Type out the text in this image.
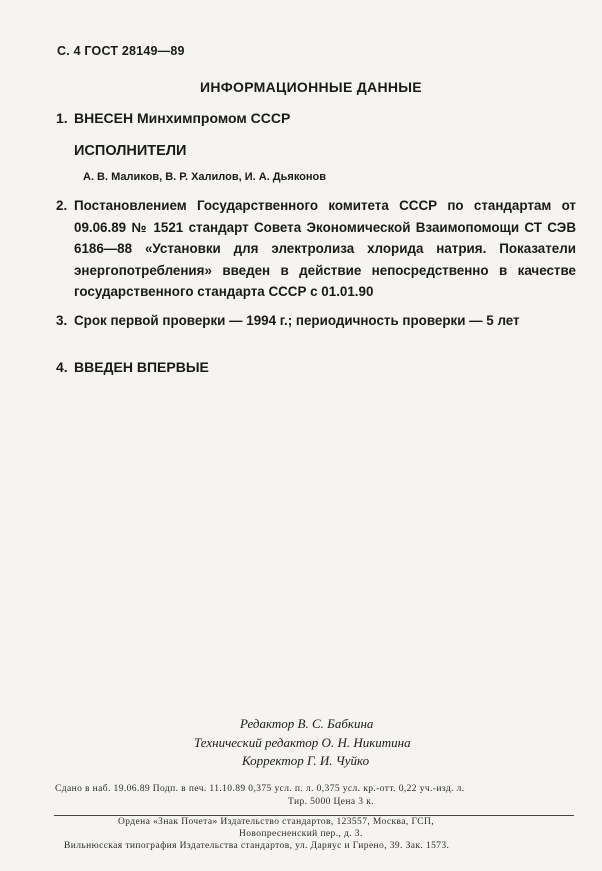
С. 4 ГОСТ 28149—89
ИНФОРМАЦИОННЫЕ ДАННЫЕ
1. ВНЕСЕН Минхимпромом СССР
ИСПОЛНИТЕЛИ
А. В. Маликов, В. Р. Халилов, И. А. Дьяконов
2. Постановлением Государственного комитета СССР по стандартам от 09.06.89 № 1521 стандарт Совета Экономической Взаимопомощи СТ СЭВ 6186—88 «Установки для электролиза хлорида натрия. Показатели энергопотребления» введен в действие непосредственно в качестве государственного стандарта СССР с 01.01.90
3. Срок первой проверки — 1994 г.; периодичность проверки — 5 лет
4. ВВЕДЕН ВПЕРВЫЕ
Редактор В. С. Бабкина
Технический редактор О. Н. Никитина
Корректор Г. И. Чуйко
Сдано в наб. 19.06.89 Подп. в печ. 11.10.89 0,375 усл. п. л. 0,375 усл. кр.-отт. 0,22 уч.-изд. л.
Тир. 5000 Цена 3 к.
Ордена «Знак Почета» Издательство стандартов, 123557, Москва, ГСП,
Новопресненский пер., д. 3.
Вильнюсская типография Издательства стандартов, ул. Даряус и Гирено, 39. Зак. 1573.
